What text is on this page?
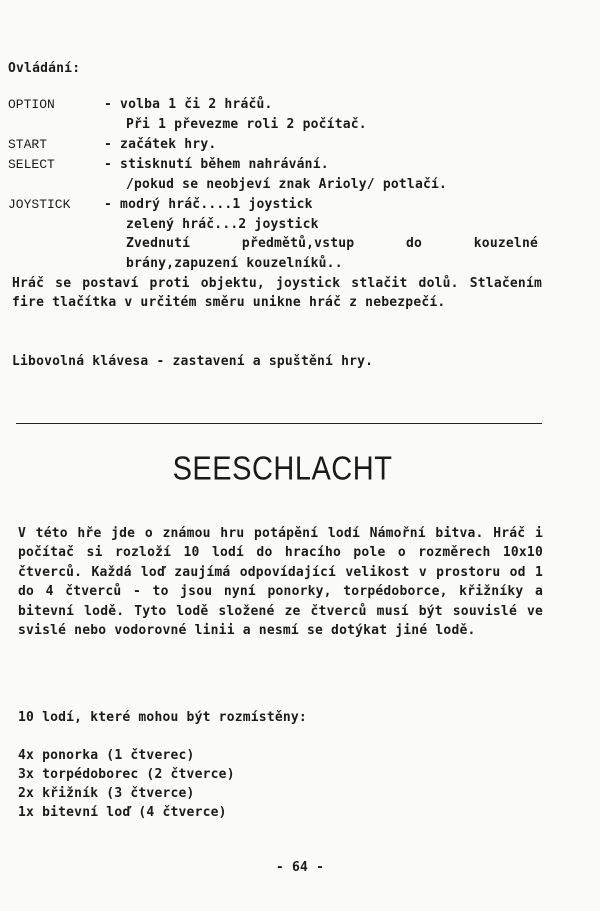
Ovládání:
OPTION	- volba 1 či 2 hráčů.
Při 1 převezme roli 2 počítač.
START	- začátek hry.
SELECT	- stisknutí během nahrávání.
/pokud se neobjeví znak Arioly/ potlačí.
JOYSTICK	- modrý hráč....1 joystick
zelený hráč...2 joystick
Zvednutí předmětů,vstup do kouzelné
brány,zapuzení kouzelníků..
Hráč se postaví proti objektu, joystick stlačit dolů. Stlačením fire tlačítka v určitém směru unikne hráč z nebezpečí.
Libovolná klávesa - zastavení a spuštění hry.
SEESCHLACHT
V této hře jde o známou hru potápění lodí Námořní bitva. Hráč i počítač si rozloží 10 lodí do hracího pole o rozměrech 10x10 čtverců. Každá loď zaujímá odpovídající velikost v prostoru od 1 do 4 čtverců - to jsou nyní ponorky, torpédoborce, křižníky a bitevní lodě. Tyto lodě složené ze čtverců musí být souvislé ve svislé nebo vodorovné linii a nesmí se dotýkat jiné lodě.
10 lodí, které mohou být rozmístěny:
4x ponorka (1 čtverec)
3x torpédoborec (2 čtverce)
2x křižník (3 čtverce)
1x bitevní loď (4 čtverce)
- 64 -
